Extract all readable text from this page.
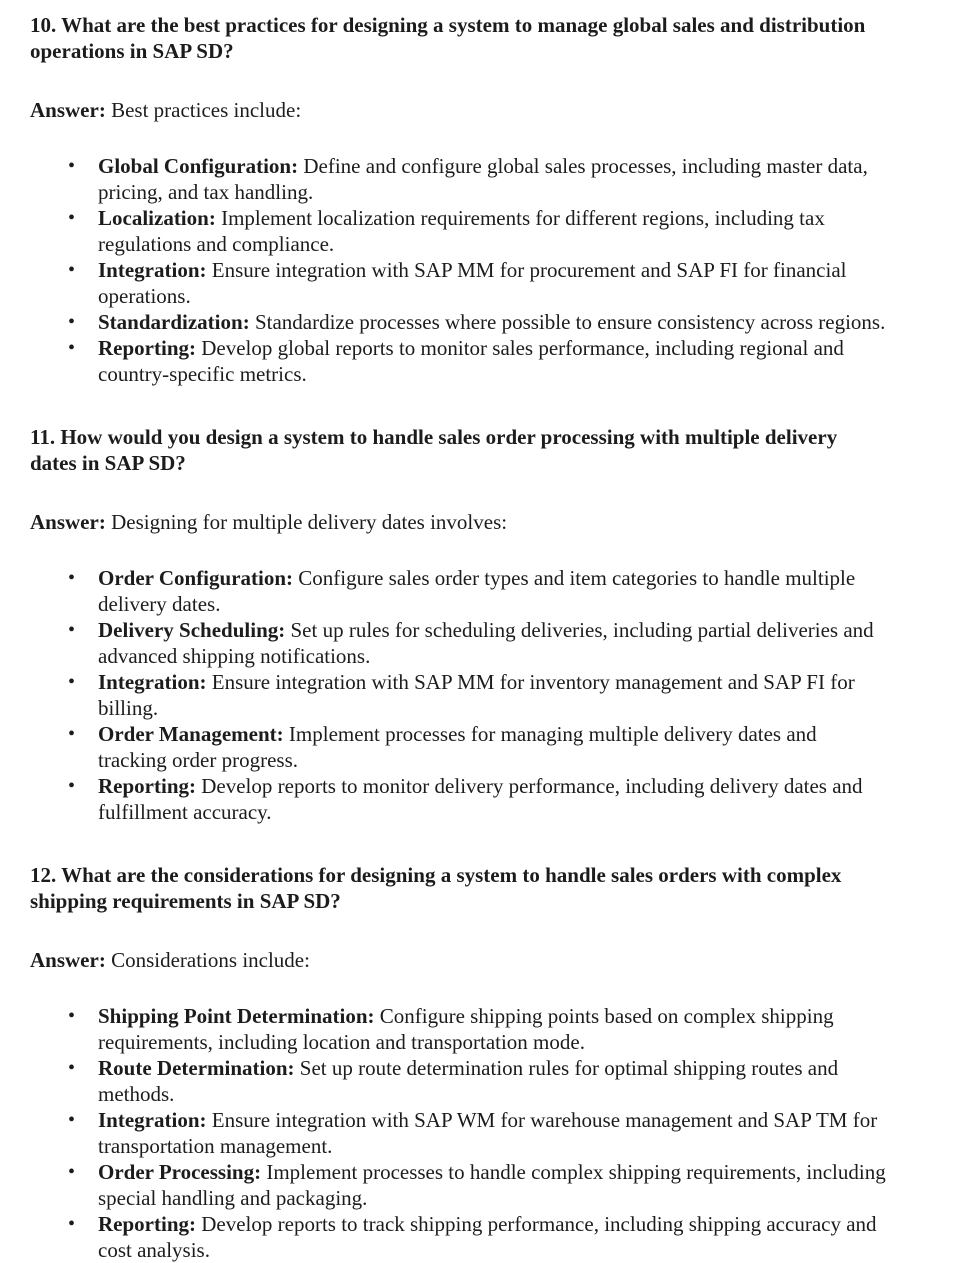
10. What are the best practices for designing a system to manage global sales and distribution operations in SAP SD?

Answer: Best practices include:

• Global Configuration: Define and configure global sales processes, including master data, pricing, and tax handling.
• Localization: Implement localization requirements for different regions, including tax regulations and compliance.
• Integration: Ensure integration with SAP MM for procurement and SAP FI for financial operations.
• Standardization: Standardize processes where possible to ensure consistency across regions.
• Reporting: Develop global reports to monitor sales performance, including regional and country-specific metrics.
11. How would you design a system to handle sales order processing with multiple delivery dates in SAP SD?

Answer: Designing for multiple delivery dates involves:

• Order Configuration: Configure sales order types and item categories to handle multiple delivery dates.
• Delivery Scheduling: Set up rules for scheduling deliveries, including partial deliveries and advanced shipping notifications.
• Integration: Ensure integration with SAP MM for inventory management and SAP FI for billing.
• Order Management: Implement processes for managing multiple delivery dates and tracking order progress.
• Reporting: Develop reports to monitor delivery performance, including delivery dates and fulfillment accuracy.
12. What are the considerations for designing a system to handle sales orders with complex shipping requirements in SAP SD?

Answer: Considerations include:

• Shipping Point Determination: Configure shipping points based on complex shipping requirements, including location and transportation mode.
• Route Determination: Set up route determination rules for optimal shipping routes and methods.
• Integration: Ensure integration with SAP WM for warehouse management and SAP TM for transportation management.
• Order Processing: Implement processes to handle complex shipping requirements, including special handling and packaging.
• Reporting: Develop reports to track shipping performance, including shipping accuracy and cost analysis.
